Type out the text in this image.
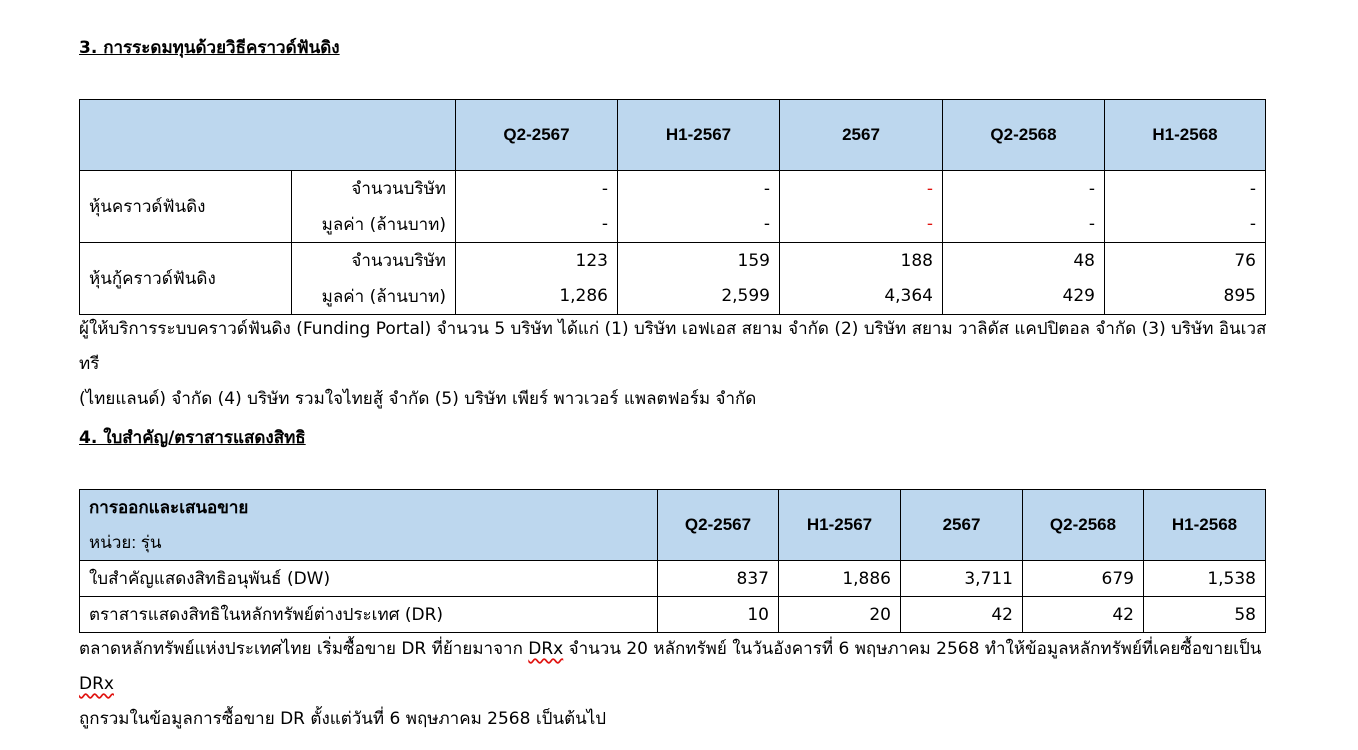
3. การระดมทุนด้วยวิธีคราวด์ฟันดิง
		Q2-2567	H1-2567	2567	Q2-2568	H1-2568
หุ้นคราวด์ฟันดิง	จำนวนบริษัท	-	-	-	-	-
	มูลค่า (ล้านบาท)	-	-	-	-	-
หุ้นกู้คราวด์ฟันดิง	จำนวนบริษัท	123	159	188	48	76
	มูลค่า (ล้านบาท)	1,286	2,599	4,364	429	895

ผู้ให้บริการระบบคราวด์ฟันดิง (Funding Portal) จำนวน 5 บริษัท ได้แก่ (1) บริษัท เอฟเอส สยาม จำกัด (2) บริษัท สยาม วาลิดัส แคปปิตอล จำกัด (3) บริษัท อินเวสทรี
(ไทยแลนด์) จำกัด (4) บริษัท รวมใจไทยสู้ จำกัด (5) บริษัท เพียร์ พาวเวอร์ แพลตฟอร์ม จำกัด

4. ใบสำคัญ/ตราสารแสดงสิทธิ
การออกและเสนอขาย
หน่วย: รุ่น	Q2-2567	H1-2567	2567	Q2-2568	H1-2568
ใบสำคัญแสดงสิทธิอนุพันธ์ (DW)	837	1,886	3,711	679	1,538
ตราสารแสดงสิทธิในหลักทรัพย์ต่างประเทศ (DR)	10	20	42	42	58

ตลาดหลักทรัพย์แห่งประเทศไทย เริ่มซื้อขาย DR ที่ย้ายมาจาก DRx จำนวน 20 หลักทรัพย์ ในวันอังคารที่ 6 พฤษภาคม 2568 ทำให้ข้อมูลหลักทรัพย์ที่เคยซื้อขายเป็น DRx
ถูกรวมในข้อมูลการซื้อขาย DR ตั้งแต่วันที่ 6 พฤษภาคม 2568 เป็นต้นไป
